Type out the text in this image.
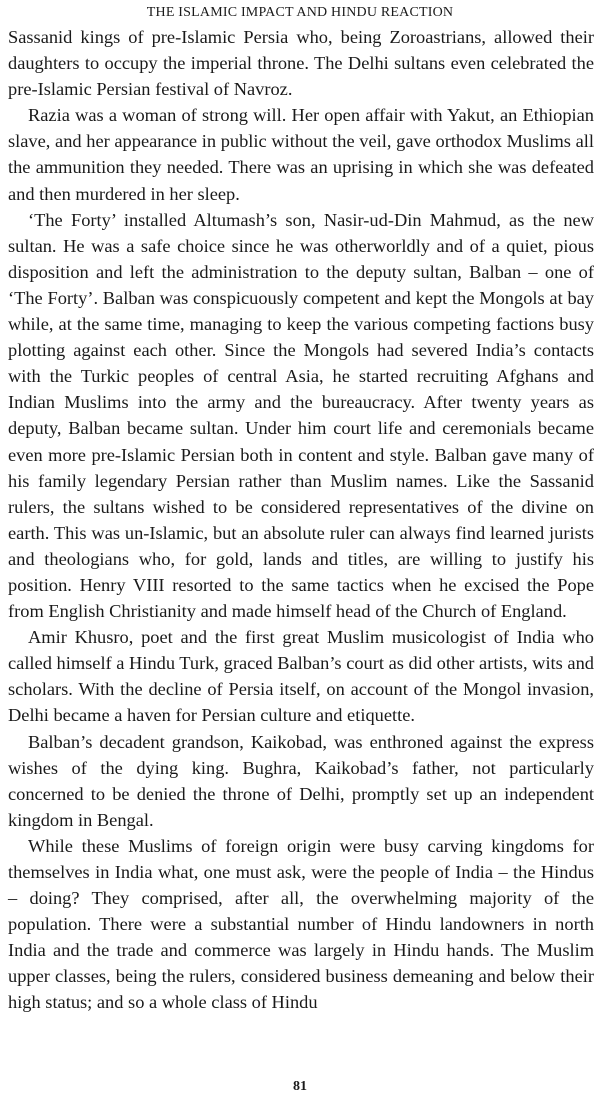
THE ISLAMIC IMPACT AND HINDU REACTION

Sassanid kings of pre-Islamic Persia who, being Zoroastrians, allowed their daughters to occupy the imperial throne. The Delhi sultans even celebrated the pre-Islamic Persian festival of Navroz.

Razia was a woman of strong will. Her open affair with Yakut, an Ethiopian slave, and her appearance in public without the veil, gave orthodox Muslims all the ammunition they needed. There was an uprising in which she was defeated and then murdered in her sleep.

‘The Forty’ installed Altumash’s son, Nasir-ud-Din Mahmud, as the new sultan. He was a safe choice since he was otherworldly and of a quiet, pious disposition and left the administration to the deputy sultan, Balban – one of ‘The Forty’. Balban was conspicuously competent and kept the Mongols at bay while, at the same time, managing to keep the various competing factions busy plotting against each other. Since the Mongols had severed India’s contacts with the Turkic peoples of central Asia, he started recruiting Afghans and Indian Muslims into the army and the bureaucracy. After twenty years as deputy, Balban became sultan. Under him court life and ceremonials became even more pre-Islamic Persian both in content and style. Balban gave many of his family legendary Persian rather than Muslim names. Like the Sassanid rulers, the sultans wished to be considered representatives of the divine on earth. This was un-Islamic, but an absolute ruler can always find learned jurists and theologians who, for gold, lands and titles, are willing to justify his position. Henry VIII resorted to the same tactics when he excised the Pope from English Christianity and made himself head of the Church of England.

Amir Khusro, poet and the first great Muslim musicologist of India who called himself a Hindu Turk, graced Balban’s court as did other artists, wits and scholars. With the decline of Persia itself, on account of the Mongol invasion, Delhi became a haven for Persian culture and etiquette.

Balban’s decadent grandson, Kaikobad, was enthroned against the express wishes of the dying king. Bughra, Kaikobad’s father, not particularly concerned to be denied the throne of Delhi, promptly set up an independent kingdom in Bengal.

While these Muslims of foreign origin were busy carving kingdoms for themselves in India what, one must ask, were the people of India – the Hindus – doing? They comprised, after all, the overwhelming majority of the population. There were a substantial number of Hindu landowners in north India and the trade and commerce was largely in Hindu hands. The Muslim upper classes, being the rulers, considered business demeaning and below their high status; and so a whole class of Hindu

81
